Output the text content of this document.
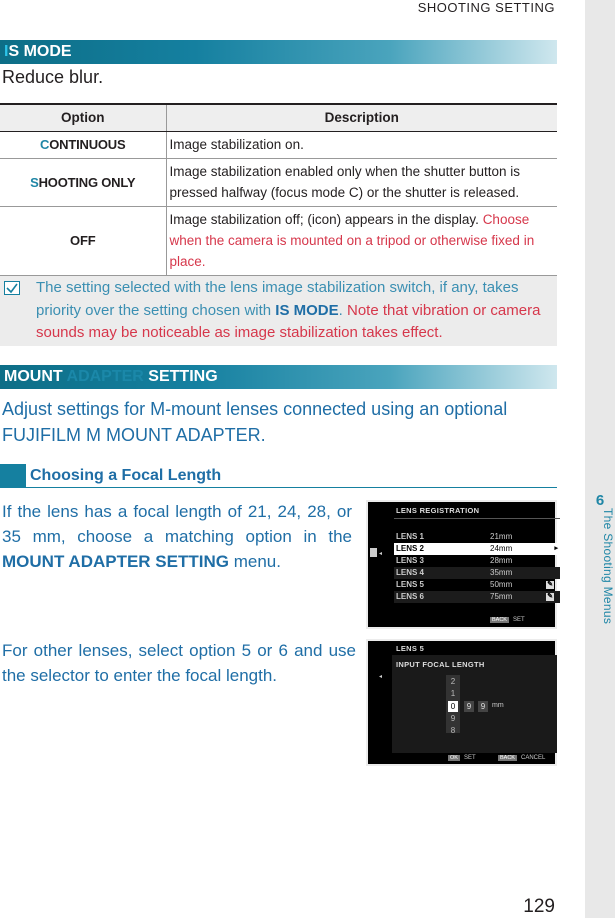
SHOOTING SETTING
6
The Shooting Menus
IS MODE
Reduce blur.
Option	Description
CONTINUOUS	Image stabilization on.
SHOOTING ONLY	Image stabilization enabled only when the shutter button is pressed halfway (focus mode C) or the shutter is released.
OFF	Image stabilization off; (icon) appears in the display. Choose when the camera is mounted on a tripod or otherwise fixed in place.
The setting selected with the lens image stabilization switch, if any, takes priority over the setting chosen with IS MODE. Note that vibration or camera sounds may be noticeable as image stabilization takes effect.
MOUNT ADAPTER SETTING
Adjust settings for M-mount lenses connected using an optional FUJIFILM M MOUNT ADAPTER.
Choosing a Focal Length
If the lens has a focal length of 21, 24, 28, or 35 mm, choose a matching option in the MOUNT ADAPTER SETTING menu.
For other lenses, select option 5 or 6 and use the selector to enter the focal length.
◂
LENS REGISTRATION
LENS 1	21mm
LENS 2	24mm	▸
LENS 3	28mm
LENS 4	35mm
LENS 5	50mm	✎
LENS 6	75mm	✎
BACK SET
◂
LENS 5
INPUT FOCAL LENGTH
2
1
0	9	9 mm
9
8
OK SET	BACK CANCEL
129
